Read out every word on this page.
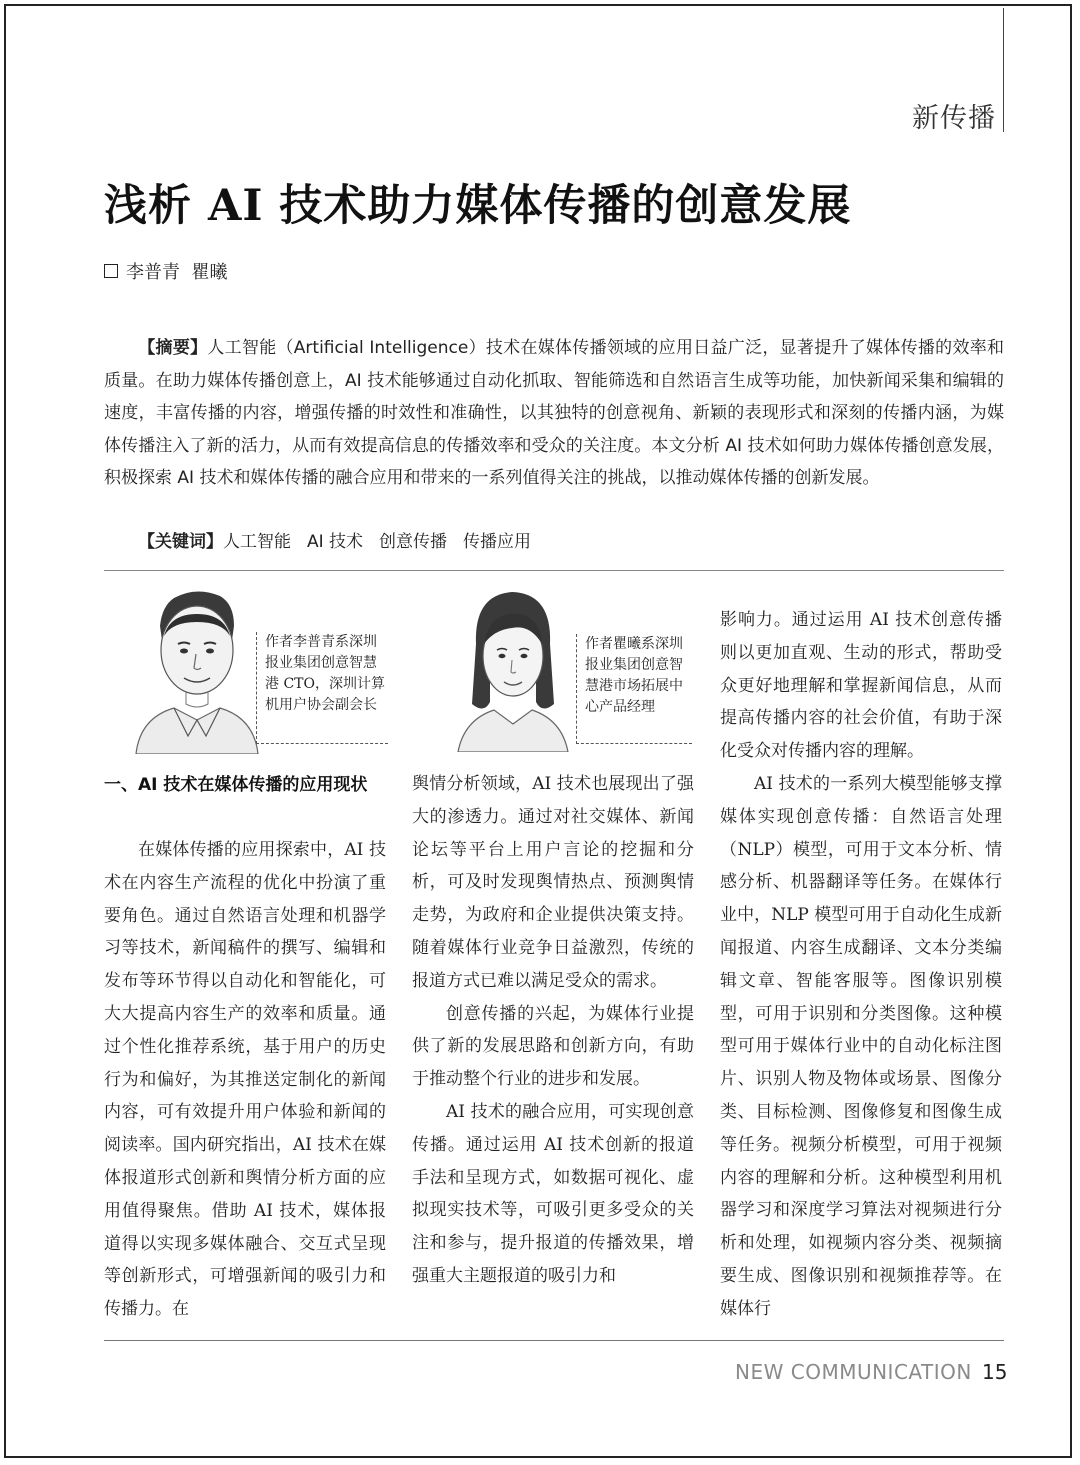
新传播
浅析 AI 技术助力媒体传播的创意发展
李普青  瞿曦

【摘要】人工智能（Artificial Intelligence）技术在媒体传播领域的应用日益广泛，显著提升了媒体传播的效率和质量。在助力媒体传播创意上，AI 技术能够通过自动化抓取、智能筛选和自然语言生成等功能，加快新闻采集和编辑的速度，丰富传播的内容，增强传播的时效性和准确性，以其独特的创意视角、新颖的表现形式和深刻的传播内涵，为媒体传播注入了新的活力，从而有效提高信息的传播效率和受众的关注度。本文分析 AI 技术如何助力媒体传播创意发展，积极探索 AI 技术和媒体传播的融合应用和带来的一系列值得关注的挑战，以推动媒体传播的创新发展。

【关键词】人工智能 AI 技术 创意传播 传播应用
作者李普青系深圳报业集团创意智慧港 CTO，深圳计算机用户协会副会长
作者瞿曦系深圳报业集团创意智慧港市场拓展中心产品经理
一、AI 技术在媒体传播的应用现状

在媒体传播的应用探索中，AI 技术在内容生产流程的优化中扮演了重要角色。通过自然语言处理和机器学习等技术，新闻稿件的撰写、编辑和发布等环节得以自动化和智能化，可大大提高内容生产的效率和质量。通过个性化推荐系统，基于用户的历史行为和偏好，为其推送定制化的新闻内容，可有效提升用户体验和新闻的阅读率。国内研究指出，AI 技术在媒体报道形式创新和舆情分析方面的应用值得聚焦。借助 AI 技术，媒体报道得以实现多媒体融合、交互式呈现等创新形式，可增强新闻的吸引力和传播力。在

舆情分析领域，AI 技术也展现出了强大的渗透力。通过对社交媒体、新闻论坛等平台上用户言论的挖掘和分析，可及时发现舆情热点、预测舆情走势，为政府和企业提供决策支持。随着媒体行业竞争日益激烈，传统的报道方式已难以满足受众的需求。

创意传播的兴起，为媒体行业提供了新的发展思路和创新方向，有助于推动整个行业的进步和发展。

AI 技术的融合应用，可实现创意传播。通过运用 AI 技术创新的报道手法和呈现方式，如数据可视化、虚拟现实技术等，可吸引更多受众的关注和参与，提升报道的传播效果，增强重大主题报道的吸引力和

影响力。通过运用 AI 技术创意传播则以更加直观、生动的形式，帮助受众更好地理解和掌握新闻信息，从而提高传播内容的社会价值，有助于深化受众对传播内容的理解。

AI 技术的一系列大模型能够支撑媒体实现创意传播：自然语言处理（NLP）模型，可用于文本分析、情感分析、机器翻译等任务。在媒体行业中，NLP 模型可用于自动化生成新闻报道、内容生成翻译、文本分类编辑文章、智能客服等。图像识别模型，可用于识别和分类图像。这种模型可用于媒体行业中的自动化标注图片、识别人物及物体或场景、图像分类、目标检测、图像修复和图像生成等任务。视频分析模型，可用于视频内容的理解和分析。这种模型利用机器学习和深度学习算法对视频进行分析和处理，如视频内容分类、视频摘要生成、图像识别和视频推荐等。在媒体行

NEW COMMUNICATION 15
